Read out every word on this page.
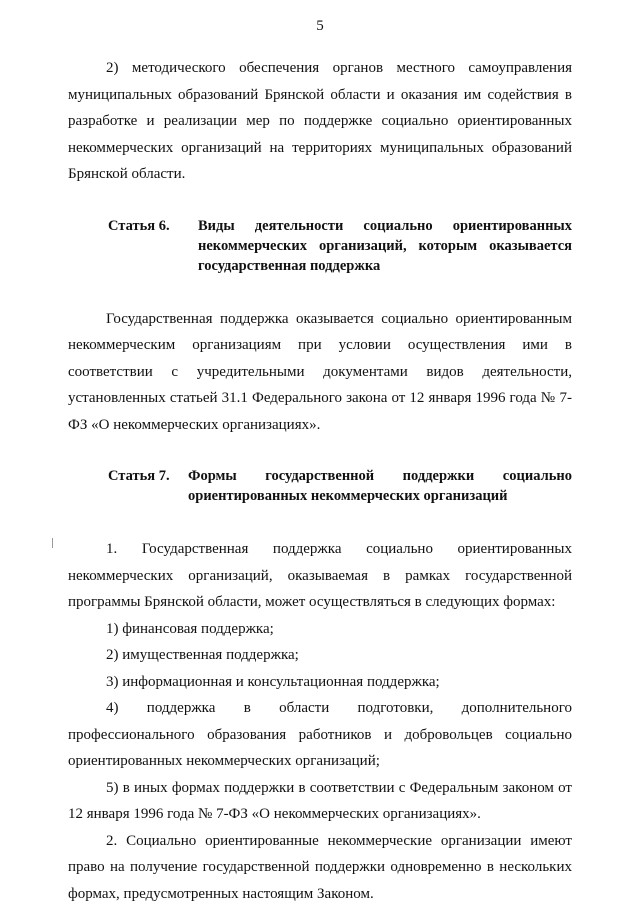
5

2) методического обеспечения органов местного самоуправления муниципальных образований Брянской области и оказания им содействия в разработке и реализации мер по поддержке социально ориентированных некоммерческих организаций на территориях муниципальных образований Брянской области.

Статья 6.	Виды деятельности социально ориентированных некоммерческих организаций, которым оказывается государственная поддержка

Государственная поддержка оказывается социально ориентированным некоммерческим организациям при условии осуществления ими в соответствии с учредительными документами видов деятельности, установленных статьей 31.1 Федерального закона от 12 января 1996 года № 7-ФЗ «О некоммерческих организациях».

Статья 7.	Формы государственной поддержки социально ориентированных некоммерческих организаций

1. Государственная поддержка социально ориентированных некоммерческих организаций, оказываемая в рамках государственной программы Брянской области, может осуществляться в следующих формах:

1) финансовая поддержка;

2) имущественная поддержка;

3) информационная и консультационная поддержка;

4) поддержка в области подготовки, дополнительного профессионального образования работников и добровольцев социально ориентированных некоммерческих организаций;

5) в иных формах поддержки в соответствии с Федеральным законом от 12 января 1996 года № 7-ФЗ «О некоммерческих организациях».

2. Социально ориентированные некоммерческие организации имеют право на получение государственной поддержки одновременно в нескольких формах, предусмотренных настоящим Законом.
